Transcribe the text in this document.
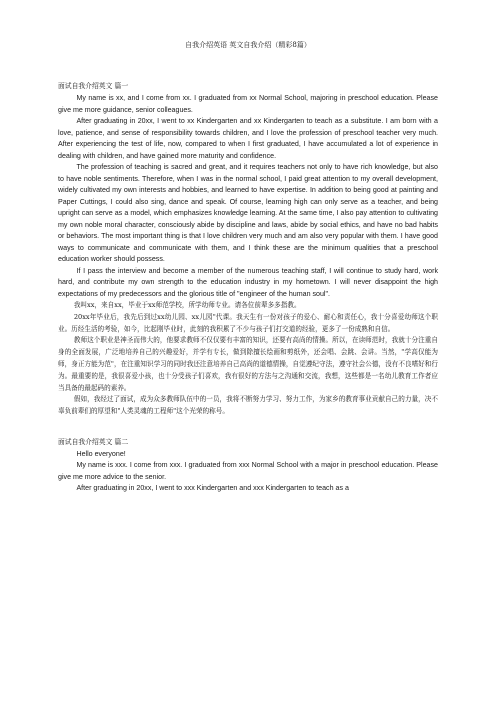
自我介绍英语 英文自我介绍（精彩8篇）
面试自我介绍英文 篇一

My name is xx, and I come from xx. I graduated from xx Normal School, majoring in preschool education. Please give me more guidance, senior colleagues.

After graduating in 20xx, I went to xx Kindergarten and xx Kindergarten to teach as a substitute. I am born with a love, patience, and sense of responsibility towards children, and I love the profession of preschool teacher very much. After experiencing the test of life, now, compared to when I first graduated, I have accumulated a lot of experience in dealing with children, and have gained more maturity and confidence.

The profession of teaching is sacred and great, and it requires teachers not only to have rich knowledge, but also to have noble sentiments. Therefore, when I was in the normal school, I paid great attention to my overall development, widely cultivated my own interests and hobbies, and learned to have expertise. In addition to being good at painting and Paper Cuttings, I could also sing, dance and speak. Of course, learning high can only serve as a teacher, and being upright can serve as a model, which emphasizes knowledge learning. At the same time, I also pay attention to cultivating my own noble moral character, consciously abide by discipline and laws, abide by social ethics, and have no bad habits or behaviors. The most important thing is that I love children very much and am also very popular with them. I have good ways to communicate and communicate with them, and I think these are the minimum qualities that a preschool education worker should possess.

If I pass the interview and become a member of the numerous teaching staff, I will continue to study hard, work hard, and contribute my own strength to the education industry in my hometown. I will never disappoint the high expectations of my predecessors and the glorious title of "engineer of the human soul".

我叫xx，来自xx，毕业于xx师范学校，所学幼师专业。请各位前辈多多指教。

20xx年毕业后，我先后到过xx幼儿园、xx儿园"代课。我天生有一份对孩子的爱心、耐心和责任心，我十分喜爱幼师这个职业。历经生活的考验，如今，比起刚毕业时，此刻的我积累了不少与孩子们打交道的经验，更多了一份成熟和自信。

教师这个职业是神圣而伟大的，他要求教师不仅仅要有丰富的知识，还要有高尚的情操。所以，在读师范时，我就十分注重自身的全面发展，广泛地培养自己的兴趣爱好，并学有专长，做到除擅长绘画和剪纸外，还会唱、会跳、会讲。当然，"学高仅能为师，身正方能为范"，在注重知识学习的同时我还注意培养自己高尚的道德情操，自觉遵纪守法，遵守社会公德，没有不良嗜好和行为。最重要的是，我很喜爱小孩，也十分受孩子们喜欢，我有很好的方法与之沟通和交流，我想，这些都是一名幼儿教育工作者应当具备的最起码的素养。

假如，我经过了面试，成为众多教师队伍中的一员，我将不断努力学习、努力工作，为家乡的教育事业贡献自己的力量，决不辜负前辈们的厚望和"人类灵魂的工程师"这个光荣的称号。

面试自我介绍英文 篇二

Hello everyone!

My name is xxx. I come from xxx. I graduated from xxx Normal School with a major in preschool education. Please give me more advice to the senior.

After graduating in 20xx, I went to xxx Kindergarten and xxx Kindergarten to teach as a
